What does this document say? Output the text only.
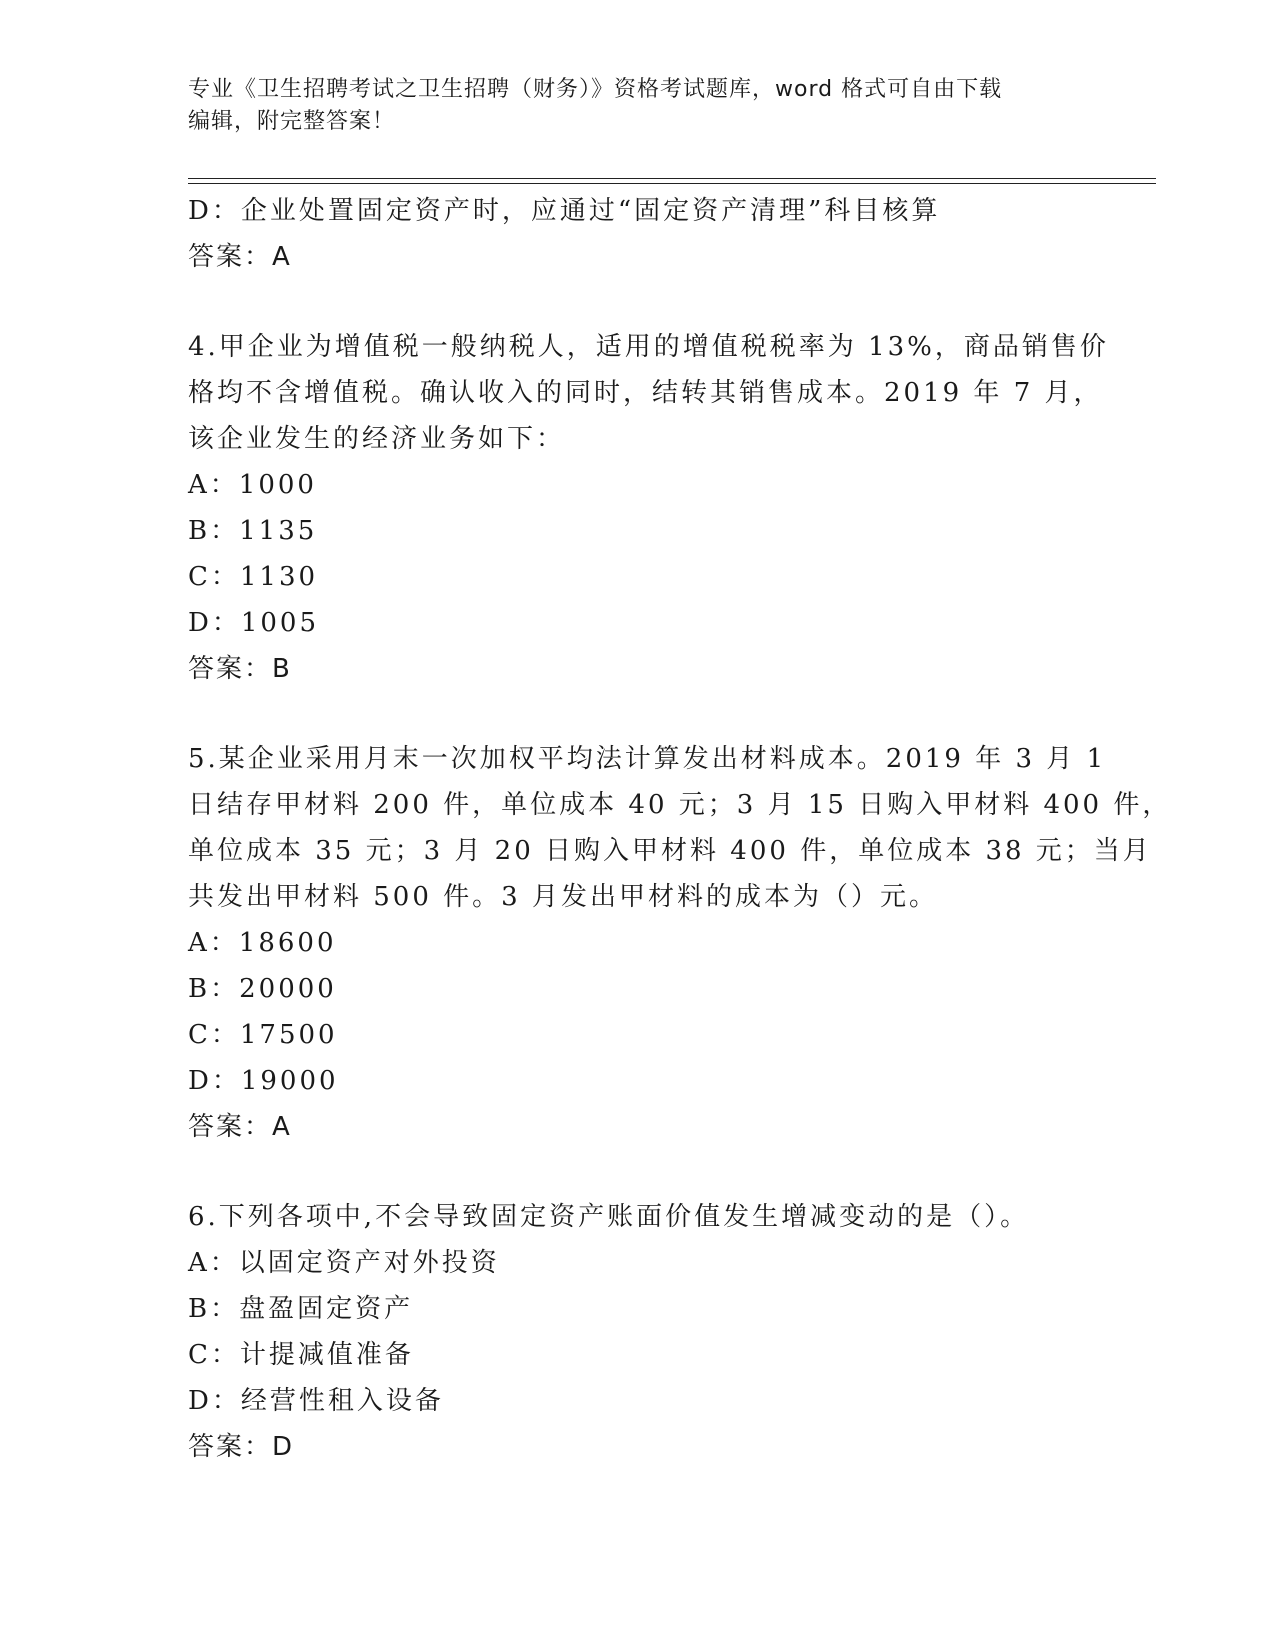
专业《卫生招聘考试之卫生招聘（财务）》资格考试题库，word 格式可自由下载
编辑，附完整答案！
D：企业处置固定资产时，应通过“固定资产清理”科目核算
答案：A
4.甲企业为增值税一般纳税人，适用的增值税税率为 13%，商品销售价
格均不含增值税。确认收入的同时，结转其销售成本。2019 年 7 月，
该企业发生的经济业务如下：
A：1000
B：1135
C：1130
D：1005
答案：B
5.某企业采用月末一次加权平均法计算发出材料成本。2019 年 3 月 1
日结存甲材料 200 件，单位成本 40 元；3 月 15 日购入甲材料 400 件，
单位成本 35 元；3 月 20 日购入甲材料 400 件，单位成本 38 元；当月
共发出甲材料 500 件。3 月发出甲材料的成本为（）元。
A：18600
B：20000
C：17500
D：19000
答案：A
6.下列各项中,不会导致固定资产账面价值发生增减变动的是（）。
A：以固定资产对外投资
B：盘盈固定资产
C：计提减值准备
D：经营性租入设备
答案：D
